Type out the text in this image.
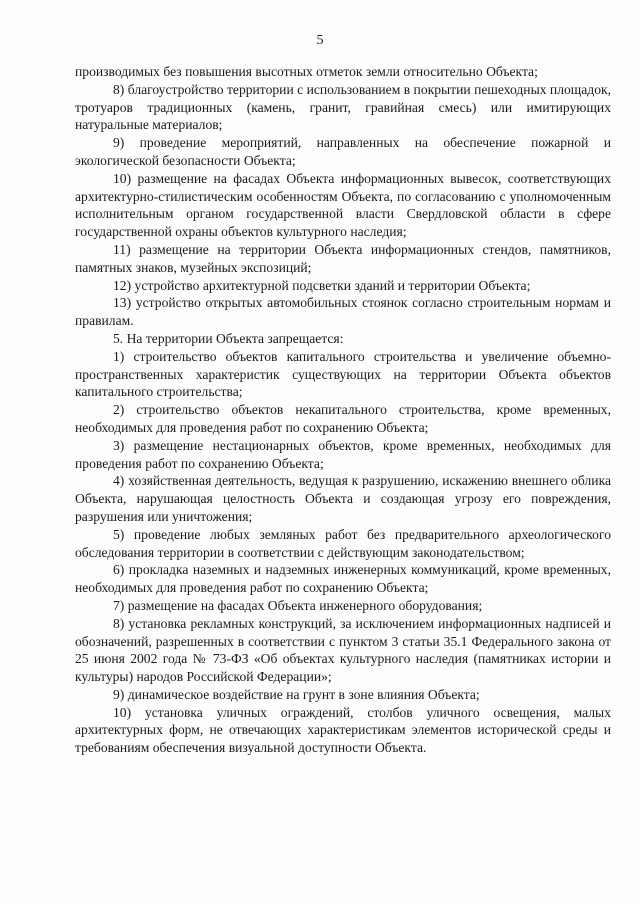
5

производимых без повышения высотных отметок земли относительно Объекта;

8) благоустройство территории с использованием в покрытии пешеходных площадок, тротуаров традиционных (камень, гранит, гравийная смесь) или имитирующих натуральные материалов;

9) проведение мероприятий, направленных на обеспечение пожарной и экологической безопасности Объекта;

10) размещение на фасадах Объекта информационных вывесок, соответствующих архитектурно-стилистическим особенностям Объекта, по согласованию с уполномоченным исполнительным органом государственной власти Свердловской области в сфере государственной охраны объектов культурного наследия;

11) размещение на территории Объекта информационных стендов, памятников, памятных знаков, музейных экспозиций;

12) устройство архитектурной подсветки зданий и территории Объекта;

13) устройство открытых автомобильных стоянок согласно строительным нормам и правилам.

5. На территории Объекта запрещается:

1) строительство объектов капитального строительства и увеличение объемно-пространственных характеристик существующих на территории Объекта объектов капитального строительства;

2) строительство объектов некапитального строительства, кроме временных, необходимых для проведения работ по сохранению Объекта;

3) размещение нестационарных объектов, кроме временных, необходимых для проведения работ по сохранению Объекта;

4) хозяйственная деятельность, ведущая к разрушению, искажению внешнего облика Объекта, нарушающая целостность Объекта и создающая угрозу его повреждения, разрушения или уничтожения;

5) проведение любых земляных работ без предварительного археологического обследования территории в соответствии с действующим законодательством;

6) прокладка наземных и надземных инженерных коммуникаций, кроме временных, необходимых для проведения работ по сохранению Объекта;

7) размещение на фасадах Объекта инженерного оборудования;

8) установка рекламных конструкций, за исключением информационных надписей и обозначений, разрешенных в соответствии с пунктом 3 статьи 35.1 Федерального закона от 25 июня 2002 года № 73-ФЗ «Об объектах культурного наследия (памятниках истории и культуры) народов Российской Федерации»;

9) динамическое воздействие на грунт в зоне влияния Объекта;

10) установка уличных ограждений, столбов уличного освещения, малых архитектурных форм, не отвечающих характеристикам элементов исторической среды и требованиям обеспечения визуальной доступности Объекта.
